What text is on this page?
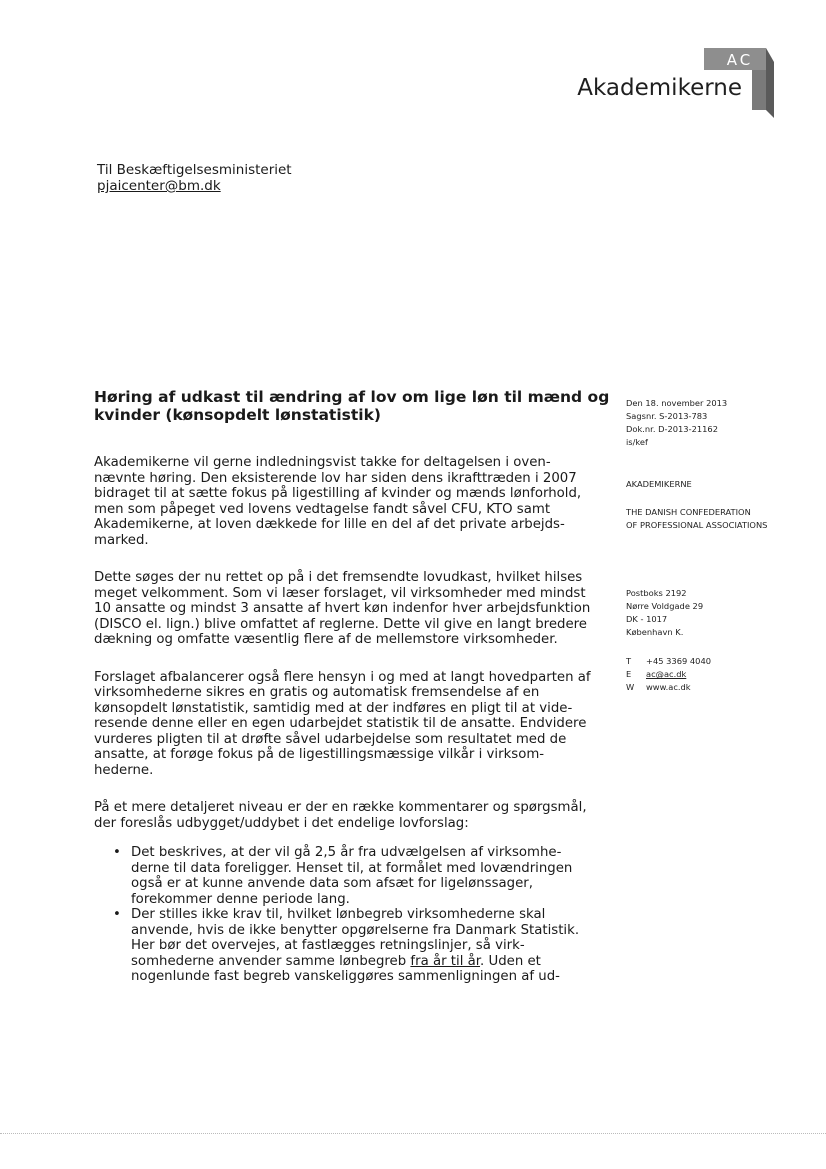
AC
Akademikerne
Til Beskæftigelsesministeriet
pjaicenter@bm.dk
Høring af udkast til ændring af lov om lige løn til mænd og kvinder (kønsopdelt lønstatistik)

Akademikerne vil gerne indledningsvist takke for deltagelsen i ovennævnte høring. Den eksisterende lov har siden dens ikrafttræden i 2007 bidraget til at sætte fokus på ligestilling af kvinder og mænds lønforhold, men som påpeget ved lovens vedtagelse fandt såvel CFU, KTO samt Akademikerne, at loven dækkede for lille en del af det private arbejdsmarked.

Dette søges der nu rettet op på i det fremsendte lovudkast, hvilket hilses meget velkomment. Som vi læser forslaget, vil virksomheder med mindst 10 ansatte og mindst 3 ansatte af hvert køn indenfor hver arbejdsfunktion (DISCO el. lign.) blive omfattet af reglerne. Dette vil give en langt bredere dækning og omfatte væsentlig flere af de mellemstore virksomheder.

Forslaget afbalancerer også flere hensyn i og med at langt hovedparten af virksomhederne sikres en gratis og automatisk fremsendelse af en kønsopdelt lønstatistik, samtidig med at der indføres en pligt til at videresende denne eller en egen udarbejdet statistik til de ansatte. Endvidere vurderes pligten til at drøfte såvel udarbejdelse som resultatet med de ansatte, at forøge fokus på de ligestillingsmæssige vilkår i virksomhederne.

På et mere detaljeret niveau er der en række kommentarer og spørgsmål, der foreslås udbygget/uddybet i det endelige lovforslag:

• Det beskrives, at der vil gå 2,5 år fra udvælgelsen af virksomhederne til data foreligger. Henset til, at formålet med lovændringen også er at kunne anvende data som afsæt for ligelønssager, forekommer denne periode lang.
• Der stilles ikke krav til, hvilket lønbegreb virksomhederne skal anvende, hvis de ikke benytter opgørelserne fra Danmark Statistik. Her bør det overvejes, at fastlægges retningslinjer, så virksomhederne anvender samme lønbegreb fra år til år. Uden et nogenlunde fast begreb vanskeliggøres sammenligningen af ud-
Den 18. november 2013
Sagsnr. S-2013-783
Dok.nr. D-2013-21162
is/kef
AKADEMIKERNE
THE DANISH CONFEDERATION
OF PROFESSIONAL ASSOCIATIONS
Postboks 2192
Nørre Voldgade 29
DK - 1017
København K.
T +45 3369 4040
E ac@ac.dk
W www.ac.dk
